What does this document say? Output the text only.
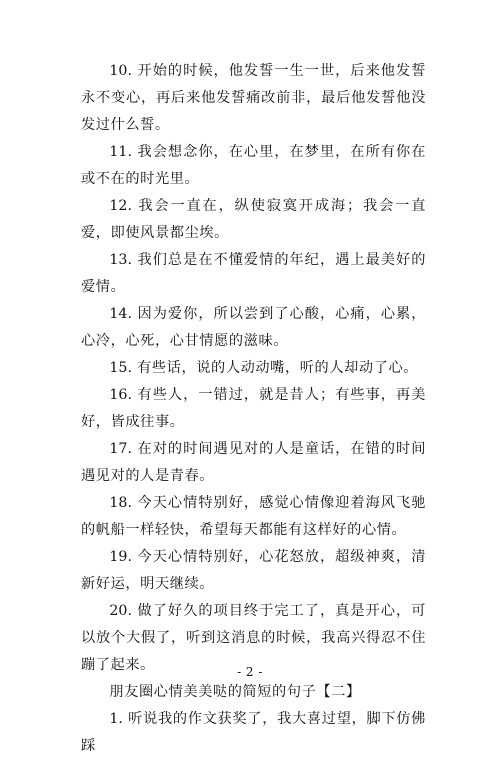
10. 开始的时候，他发誓一生一世，后来他发誓永不变心，再后来他发誓痛改前非，最后他发誓他没发过什么誓。

11. 我会想念你，在心里，在梦里，在所有你在或不在的时光里。

12. 我会一直在，纵使寂寞开成海；我会一直爱，即使风景都尘埃。

13. 我们总是在不懂爱情的年纪，遇上最美好的爱情。

14. 因为爱你，所以尝到了心酸，心痛，心累，心冷，心死，心甘情愿的滋味。

15. 有些话，说的人动动嘴，听的人却动了心。

16. 有些人，一错过，就是昔人；有些事，再美好，皆成往事。

17. 在对的时间遇见对的人是童话，在错的时间遇见对的人是青春。

18. 今天心情特别好，感觉心情像迎着海风飞驰的帆船一样轻快，希望每天都能有这样好的心情。

19. 今天心情特别好，心花怒放，超级神爽，清新好运，明天继续。

20. 做了好久的项目终于完工了，真是开心，可以放个大假了，听到这消息的时候，我高兴得忍不住蹦了起来。

朋友圈心情美美哒的简短的句子【二】

1. 听说我的作文获奖了，我大喜过望，脚下仿佛踩

- 2 -
